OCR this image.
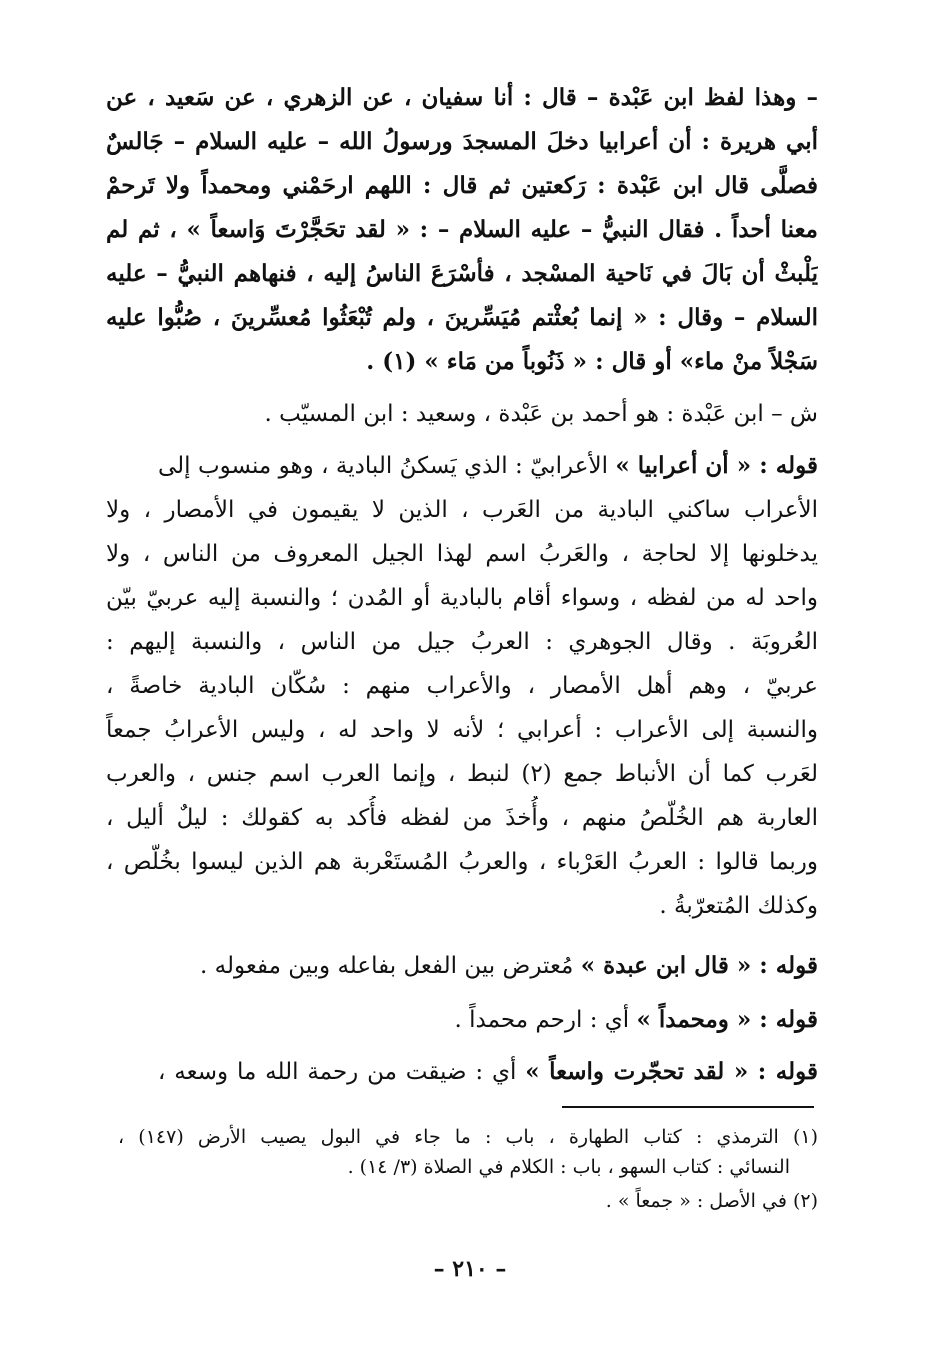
– وهذا لفظ ابن عَبْدة – قال : أنا سفيان ، عن الزهري ، عن سَعيد ، عن
أبي هريرة : أن أعرابيا دخلَ المسجدَ ورسولُ الله – عليه السلام – جَالسٌ
فصلَّى قال ابن عَبْدة : رَكعتين ثم قال : اللهم ارحَمْني ومحمداً ولا تَرحمْ
معنا أحداً . فقال النبيُّ – عليه السلام – : « لقد تحَجَّرْتَ وَاسعاً » ، ثم لم
يَلْبثْ أن بَالَ في نَاحية المسْجد ، فأسْرَعَ الناسُ إليه ، فنهاهم النبيُّ – عليه
السلام – وقال : « إنما بُعثْتم مُيَسِّرينَ ، ولم تُبْعَثُوا مُعسِّرينَ ، صُبُّوا عليه
سَجْلاً منْ ماء» أو قال : « ذَنُوباً من مَاء » (١) .
ش – ابن عَبْدة : هو أحمد بن عَبْدة ، وسعيد : ابن المسيّب .
قوله : « أن أعرابيا » الأعرابيّ : الذي يَسكنُ البادية ، وهو منسوب إلى
الأعراب ساكني البادية من العَرب ، الذين لا يقيمون في الأمصار ، ولا
يدخلونها إلا لحاجة ، والعَربُ اسم لهذا الجيل المعروف من الناس ، ولا
واحد له من لفظه ، وسواء أقام بالبادية أو المُدن ؛ والنسبة إليه عربيّ بيّن
العُروبَة . وقال الجوهري : العربُ جيل من الناس ، والنسبة إليهم :
عربيّ ، وهم أهل الأمصار ، والأعراب منهم : سُكّان البادية خاصةً ،
والنسبة إلى الأعراب : أعرابي ؛ لأنه لا واحد له ، وليس الأعرابُ جمعاً
لعَرب كما أن الأنباط جمع (٢) لنبط ، وإنما العرب اسم جنس ، والعرب
العاربة هم الخُلّصُ منهم ، وأُخذَ من لفظه فأُكد به كقولك : ليلٌ أليل ،
وربما قالوا : العربُ العَرْباء ، والعربُ المُستَعْربة هم الذين ليسوا بخُلّص ،
وكذلك المُتعرّبةُ .
قوله : « قال ابن عبدة » مُعترض بين الفعل بفاعله وبين مفعوله .
قوله : « ومحمداً » أي : ارحم محمداً .
قوله : « لقد تحجّرت واسعاً » أي : ضيقت من رحمة الله ما وسعه ،
(١) الترمذي : كتاب الطهارة ، باب : ما جاء في البول يصيب الأرض (١٤٧) ،
النسائي : كتاب السهو ، باب : الكلام في الصلاة (٣/ ١٤) .
(٢) في الأصل : « جمعاً » .
– ٢١٠ –
